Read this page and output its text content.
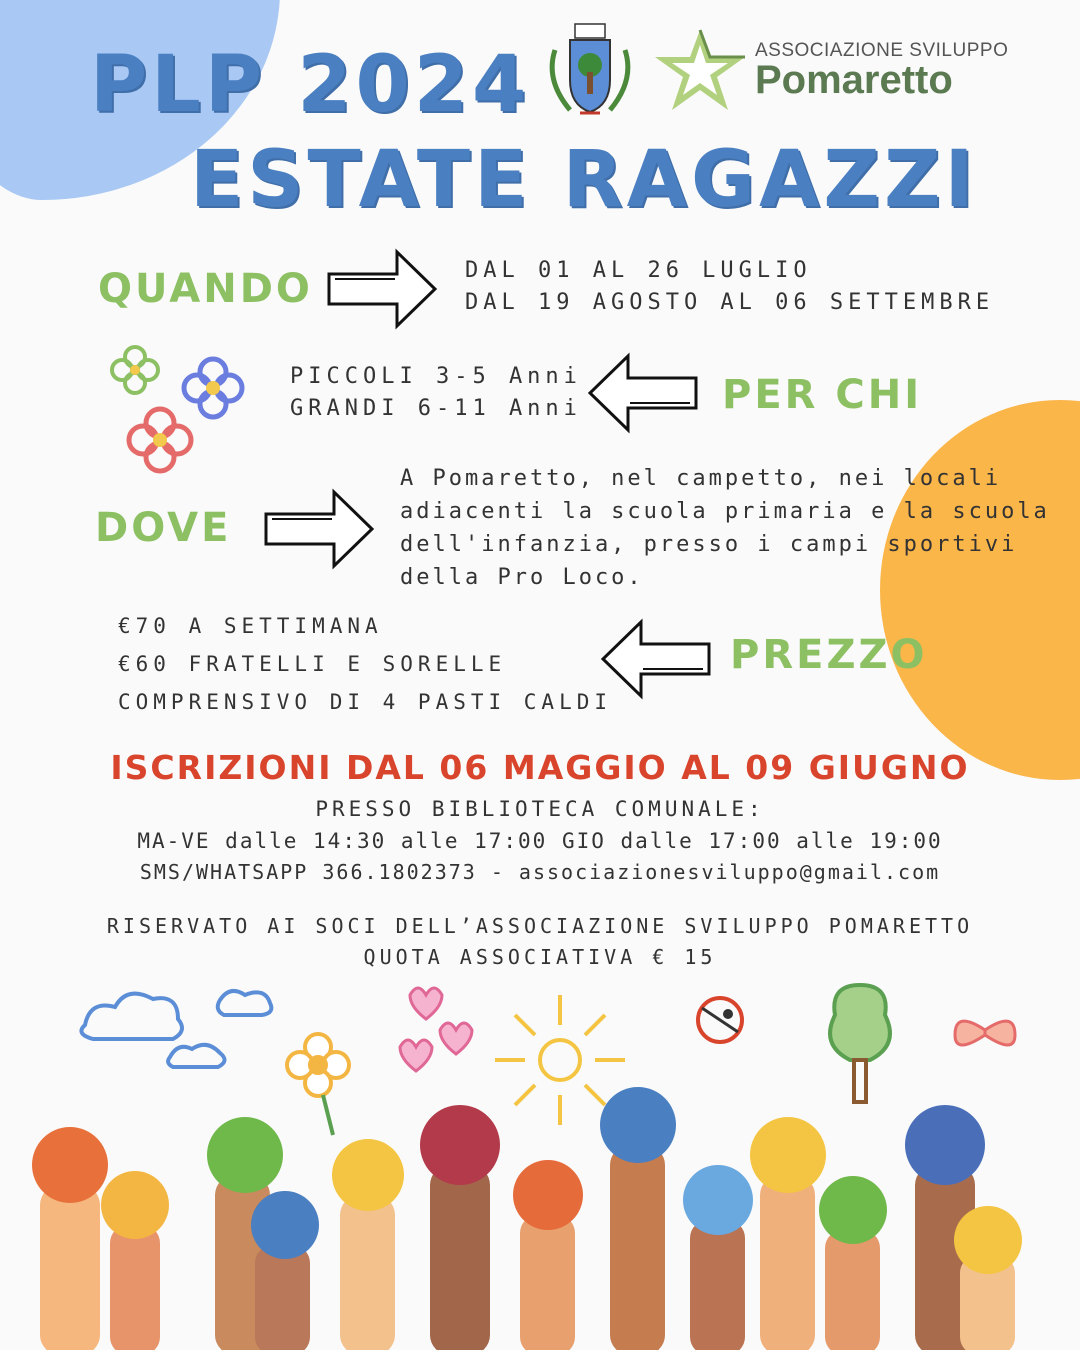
PLP 2024
ESTATE RAGAZZI
ASSOCIAZIONE SVILUPPO
Pomaretto
QUANDO	DAL 01 AL 26 LUGLIO
DAL 19 AGOSTO AL 06 SETTEMBRE
PICCOLI 3-5 Anni
GRANDI 6-11 Anni	PER CHI
DOVE
A Pomaretto, nel campetto, nei locali
adiacenti la scuola primaria e la scuola
dell'infanzia, presso i campi sportivi
della Pro Loco.
€70 A SETTIMANA
€60 FRATELLI E SORELLE
COMPRENSIVO DI 4 PASTI CALDI
PREZZO
ISCRIZIONI DAL 06 MAGGIO AL 09 GIUGNO
PRESSO BIBLIOTECA COMUNALE:
MA-VE dalle 14:30 alle 17:00 GIO dalle 17:00 alle 19:00
SMS/WHATSAPP 366.1802373 - associazionesviluppo@gmail.com
RISERVATO AI SOCI DELL’ASSOCIAZIONE SVILUPPO POMARETTO
QUOTA ASSOCIATIVA € 15
